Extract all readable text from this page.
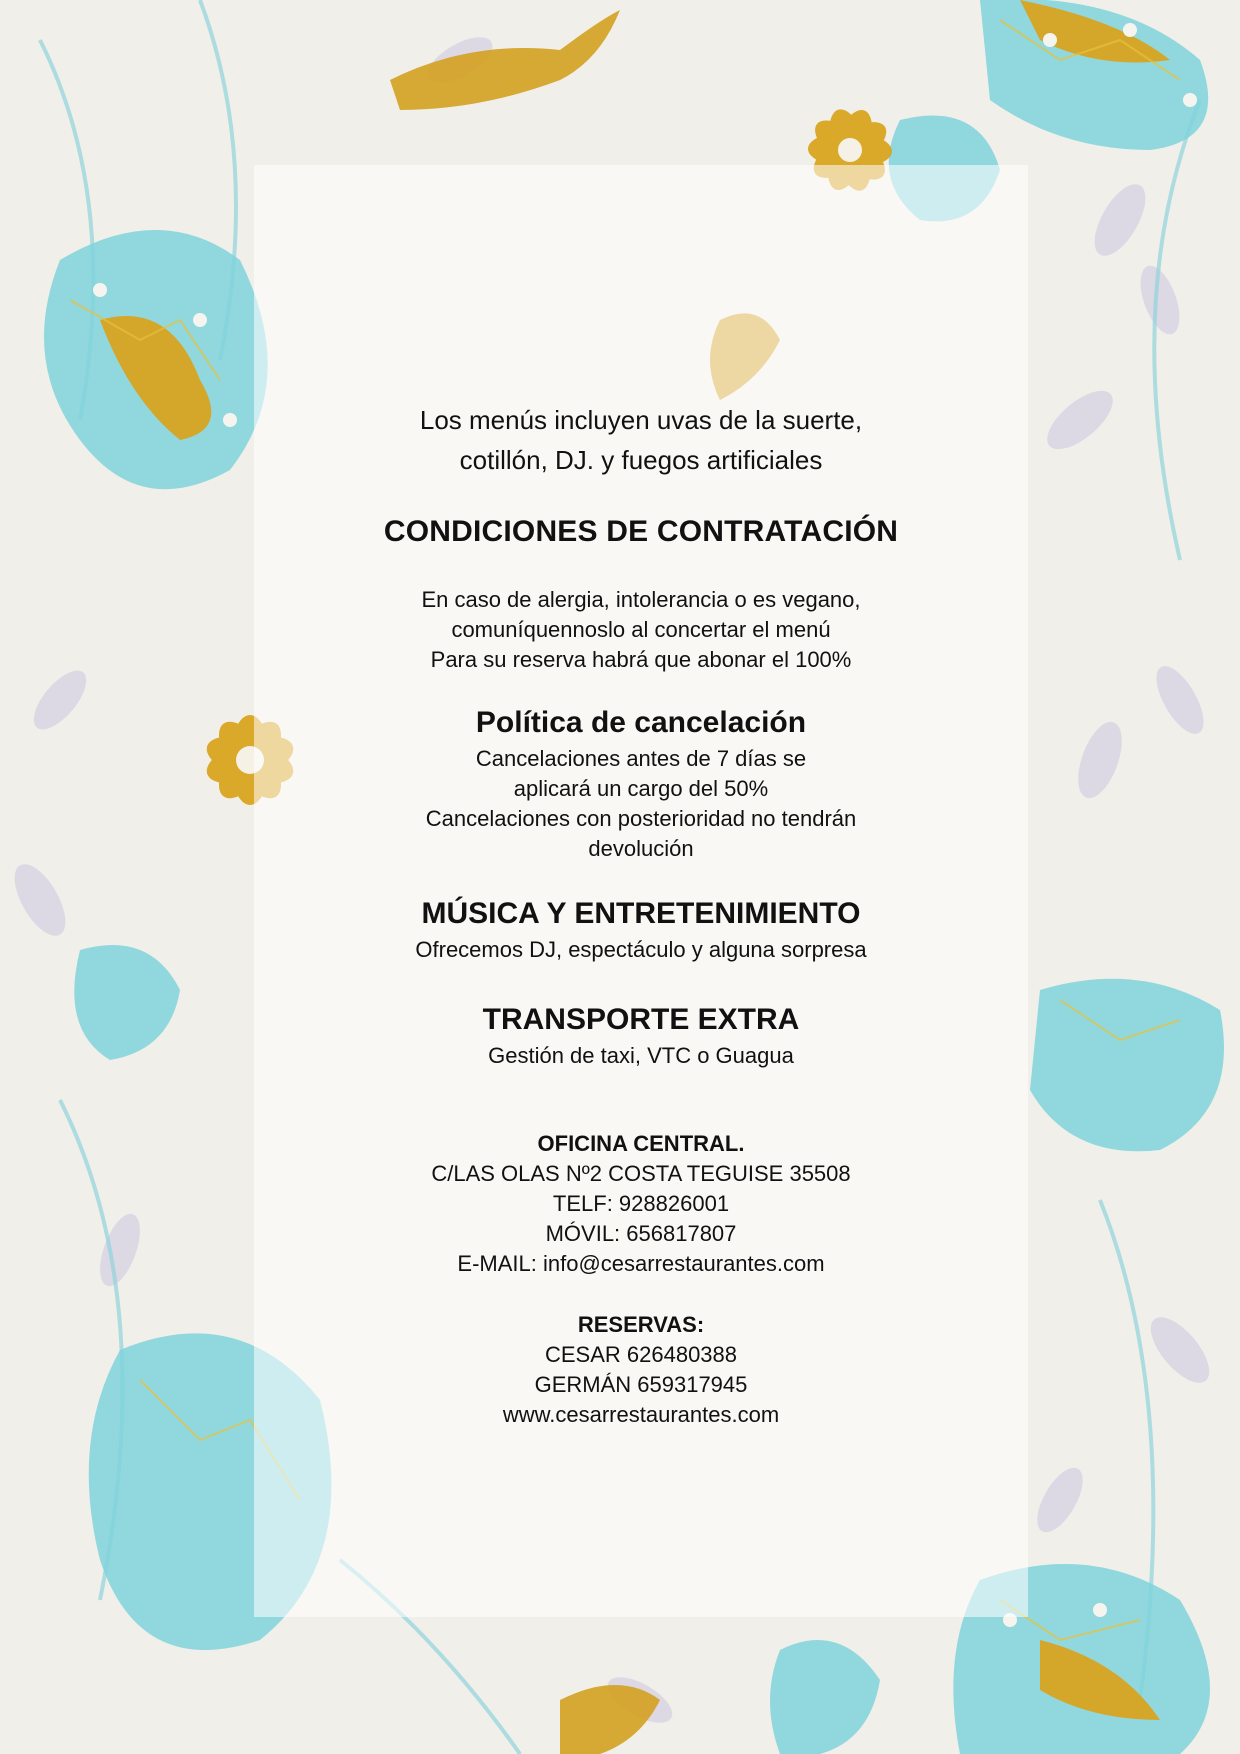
Los menús incluyen uvas de la suerte,
cotillón, DJ. y fuegos artificiales
CONDICIONES DE CONTRATACIÓN
En caso de alergia, intolerancia o es vegano,
comuníquennoslo al concertar el menú
Para su reserva habrá que abonar el 100%
Política de cancelación
Cancelaciones antes de 7 días se
aplicará un cargo del 50%
Cancelaciones con posterioridad no tendrán
devolución
MÚSICA Y ENTRETENIMIENTO
Ofrecemos DJ, espectáculo y alguna sorpresa
TRANSPORTE EXTRA
Gestión de taxi, VTC o Guagua
OFICINA CENTRAL.
C/LAS OLAS Nº2 COSTA TEGUISE 35508
TELF: 928826001
MÓVIL: 656817807
E-MAIL: info@cesarrestaurantes.com
RESERVAS:
CESAR 626480388
GERMÁN 659317945
www.cesarrestaurantes.com
